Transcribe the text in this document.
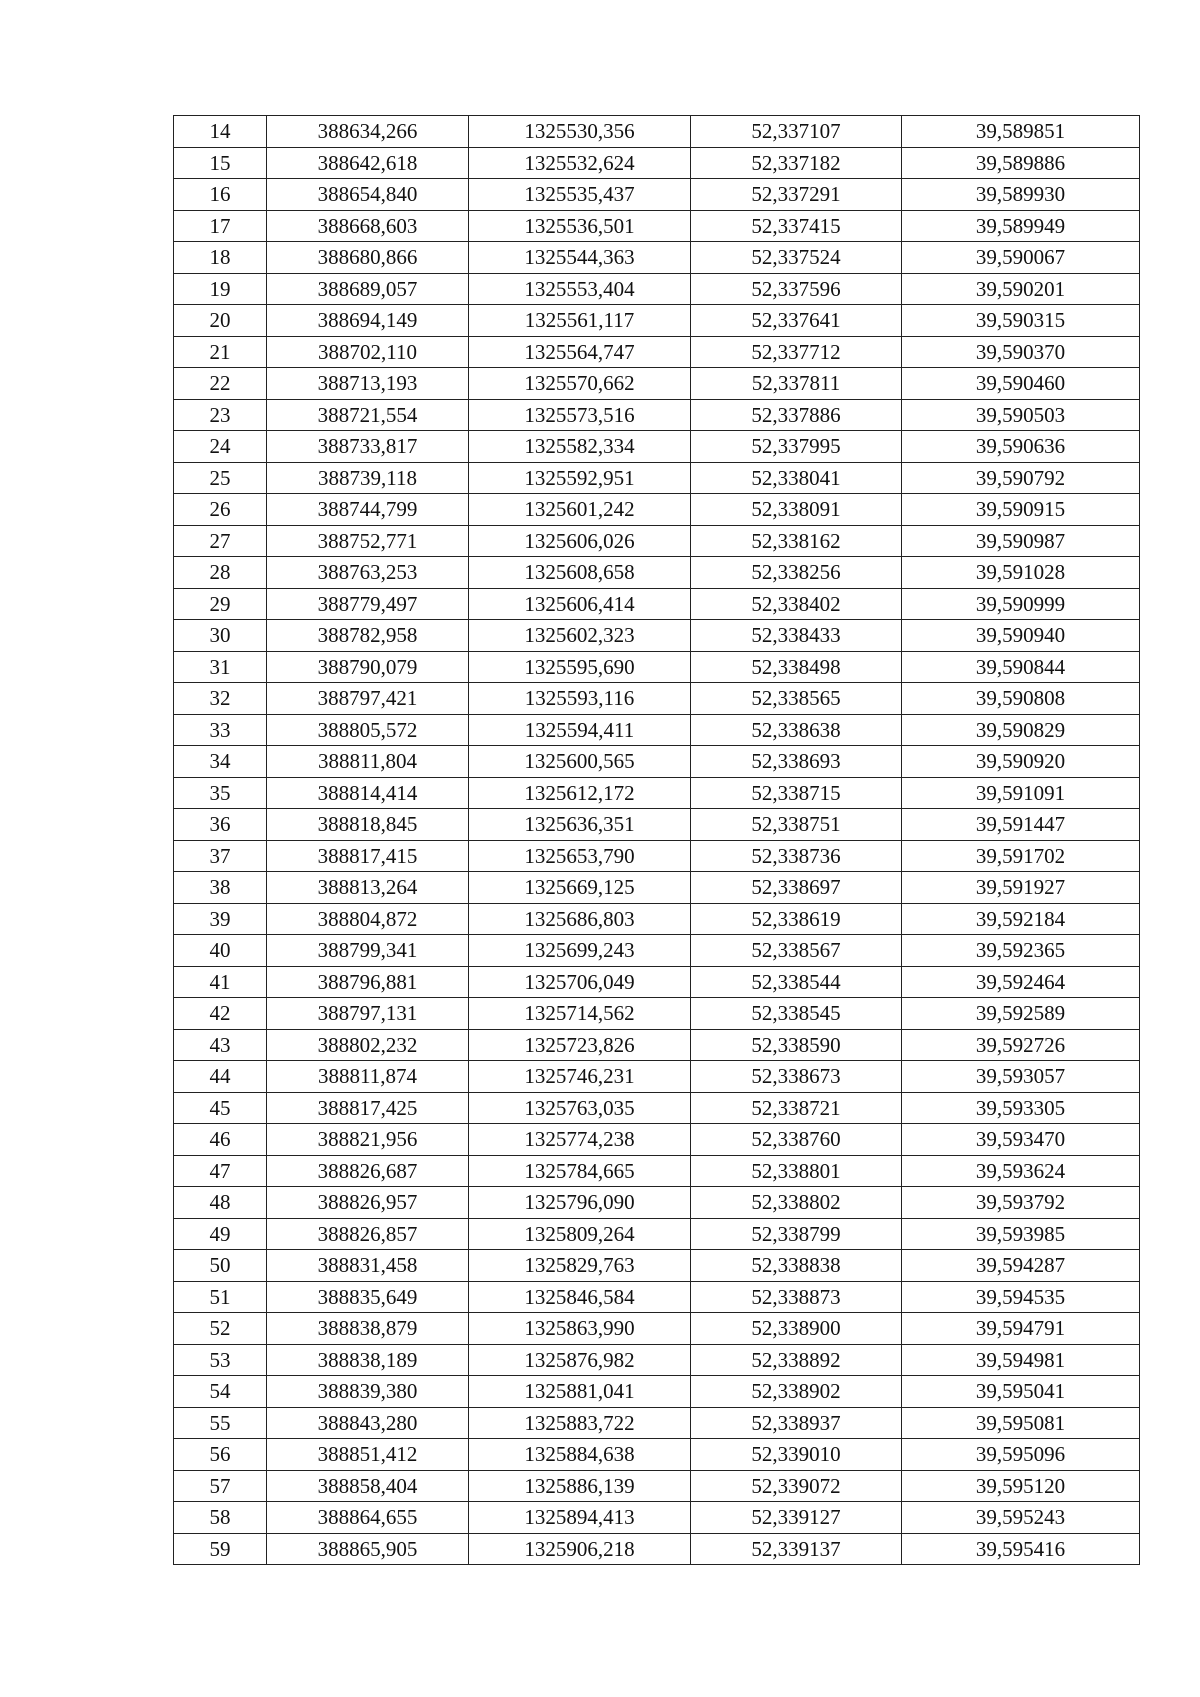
14	388634,266	1325530,356	52,337107	39,589851
15	388642,618	1325532,624	52,337182	39,589886
16	388654,840	1325535,437	52,337291	39,589930
17	388668,603	1325536,501	52,337415	39,589949
18	388680,866	1325544,363	52,337524	39,590067
19	388689,057	1325553,404	52,337596	39,590201
20	388694,149	1325561,117	52,337641	39,590315
21	388702,110	1325564,747	52,337712	39,590370
22	388713,193	1325570,662	52,337811	39,590460
23	388721,554	1325573,516	52,337886	39,590503
24	388733,817	1325582,334	52,337995	39,590636
25	388739,118	1325592,951	52,338041	39,590792
26	388744,799	1325601,242	52,338091	39,590915
27	388752,771	1325606,026	52,338162	39,590987
28	388763,253	1325608,658	52,338256	39,591028
29	388779,497	1325606,414	52,338402	39,590999
30	388782,958	1325602,323	52,338433	39,590940
31	388790,079	1325595,690	52,338498	39,590844
32	388797,421	1325593,116	52,338565	39,590808
33	388805,572	1325594,411	52,338638	39,590829
34	388811,804	1325600,565	52,338693	39,590920
35	388814,414	1325612,172	52,338715	39,591091
36	388818,845	1325636,351	52,338751	39,591447
37	388817,415	1325653,790	52,338736	39,591702
38	388813,264	1325669,125	52,338697	39,591927
39	388804,872	1325686,803	52,338619	39,592184
40	388799,341	1325699,243	52,338567	39,592365
41	388796,881	1325706,049	52,338544	39,592464
42	388797,131	1325714,562	52,338545	39,592589
43	388802,232	1325723,826	52,338590	39,592726
44	388811,874	1325746,231	52,338673	39,593057
45	388817,425	1325763,035	52,338721	39,593305
46	388821,956	1325774,238	52,338760	39,593470
47	388826,687	1325784,665	52,338801	39,593624
48	388826,957	1325796,090	52,338802	39,593792
49	388826,857	1325809,264	52,338799	39,593985
50	388831,458	1325829,763	52,338838	39,594287
51	388835,649	1325846,584	52,338873	39,594535
52	388838,879	1325863,990	52,338900	39,594791
53	388838,189	1325876,982	52,338892	39,594981
54	388839,380	1325881,041	52,338902	39,595041
55	388843,280	1325883,722	52,338937	39,595081
56	388851,412	1325884,638	52,339010	39,595096
57	388858,404	1325886,139	52,339072	39,595120
58	388864,655	1325894,413	52,339127	39,595243
59	388865,905	1325906,218	52,339137	39,595416
